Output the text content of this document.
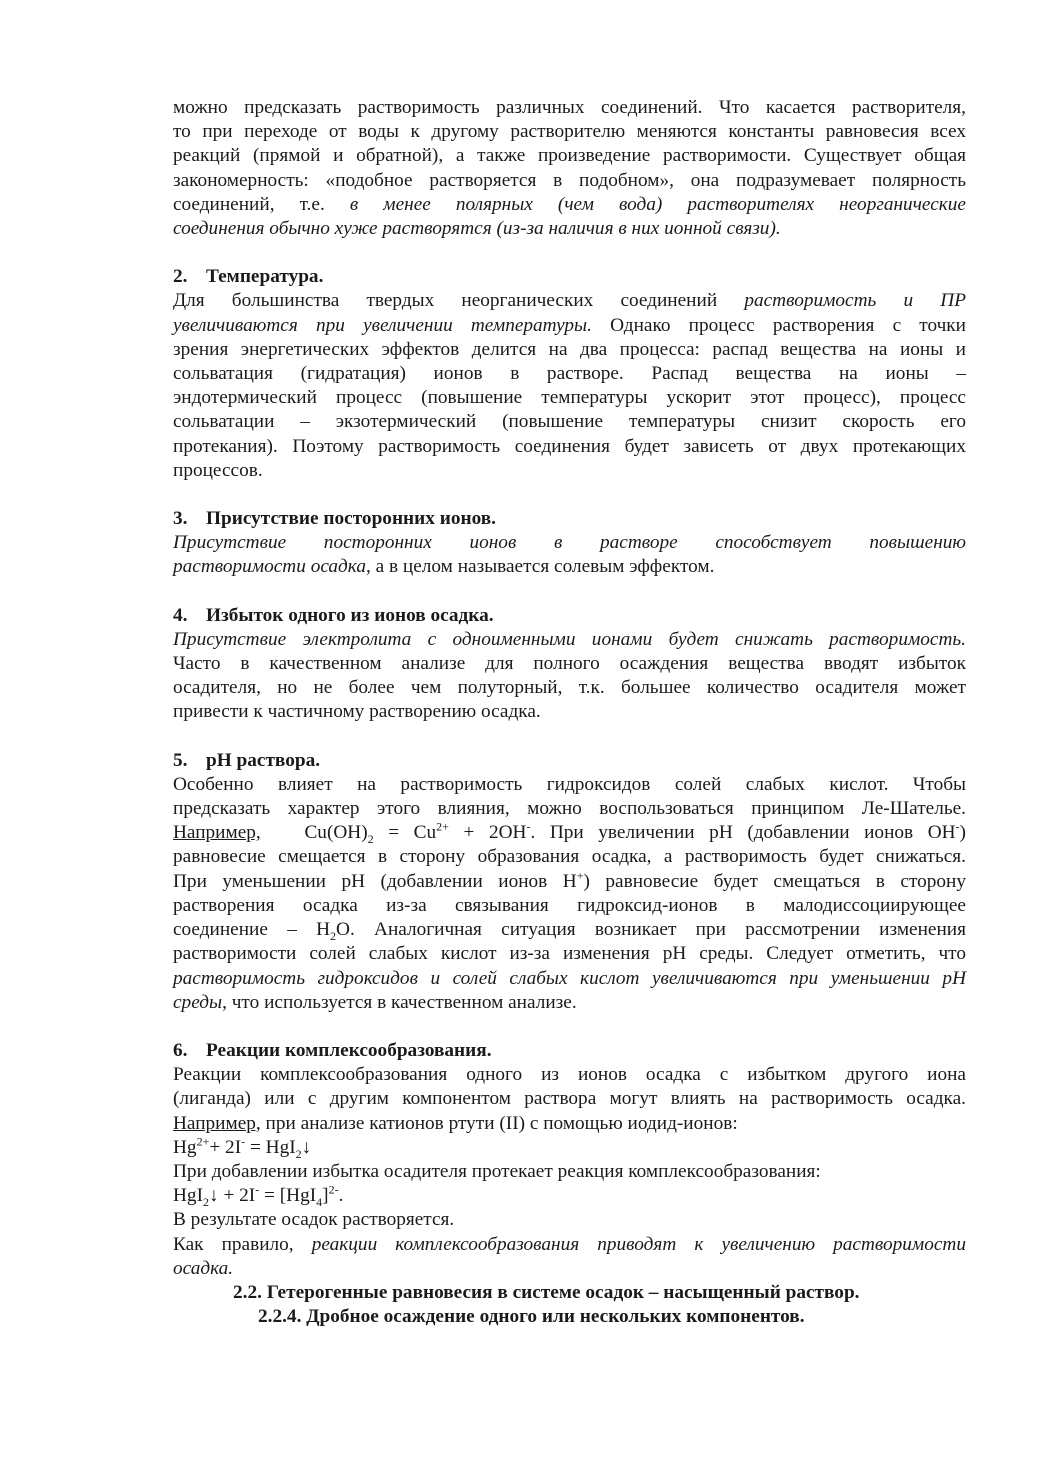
можно предсказать растворимость различных соединений. Что касается растворителя,

то при переходе от воды к другому растворителю меняются константы равновесия всех

реакций (прямой и обратной), а также произведение растворимости. Существует общая

закономерность: «подобное растворяется в подобном», она подразумевает полярность

соединений, т.е. в менее полярных (чем вода) растворителях неорганические

соединения обычно хуже растворятся (из-за наличия в них ионной связи).

2. Температура.

Для большинства твердых неорганических соединений растворимость и ПР

увеличиваются при увеличении температуры. Однако процесс растворения с точки

зрения энергетических эффектов делится на два процесса: распад вещества на ионы и

сольватация (гидратация) ионов в растворе. Распад вещества на ионы –

эндотермический процесс (повышение температуры ускорит этот процесс), процесс

сольватации – экзотермический (повышение температуры снизит скорость его

протекания). Поэтому растворимость соединения будет зависеть от двух протекающих

процессов.

3. Присутствие посторонних ионов.

Присутствие посторонних ионов в растворе способствует повышению

растворимости осадка, а в целом называется солевым эффектом.

4. Избыток одного из ионов осадка.

Присутствие электролита с одноименными ионами будет снижать растворимость.

Часто в качественном анализе для полного осаждения вещества вводят избыток

осадителя, но не более чем полуторный, т.к. большее количество осадителя может

привести к частичному растворению осадка.

5. рН раствора.

Особенно влияет на растворимость гидроксидов солей слабых кислот. Чтобы

предсказать характер этого влияния, можно воспользоваться принципом Ле-Шателье.

Например, $Cu(OH)_2 = Cu^{2+} + 2OH^-$. При увеличении рН (добавлении ионов OH-)

равновесие смещается в сторону образования осадка, а растворимость будет снижаться.

При уменьшении рН (добавлении ионов H+) равновесие будет смещаться в сторону

растворения осадка из-за связывания гидроксид-ионов в малодиссоциирующее

соединение – $H_2O$. Аналогичная ситуация возникает при рассмотрении изменения

растворимости солей слабых кислот из-за изменения рН среды. Следует отметить, что

растворимость гидроксидов и солей слабых кислот увеличиваются при уменьшении рН

среды, что используется в качественном анализе.

6. Реакции комплексообразования.

Реакции комплексообразования одного из ионов осадка с избытком другого иона

(лиганда) или с другим компонентом раствора могут влиять на растворимость осадка.

Например, при анализе катионов ртути (II) с помощью иодид-ионов:

$Hg^{2+}+ 2I^-$ = HgI$_2$↓

При добавлении избытка осадителя протекает реакция комплексообразования:

HgI$_2$↓ + $2I^- = [HgI_4]^{2-}$.

В результате осадок растворяется.

Как правило, реакции комплексообразования приводят к увеличению растворимости

осадка.

2.2. Гетерогенные равновесия в системе осадок – насыщенный раствор.

2.2.4. Дробное осаждение одного или нескольких компонентов.
